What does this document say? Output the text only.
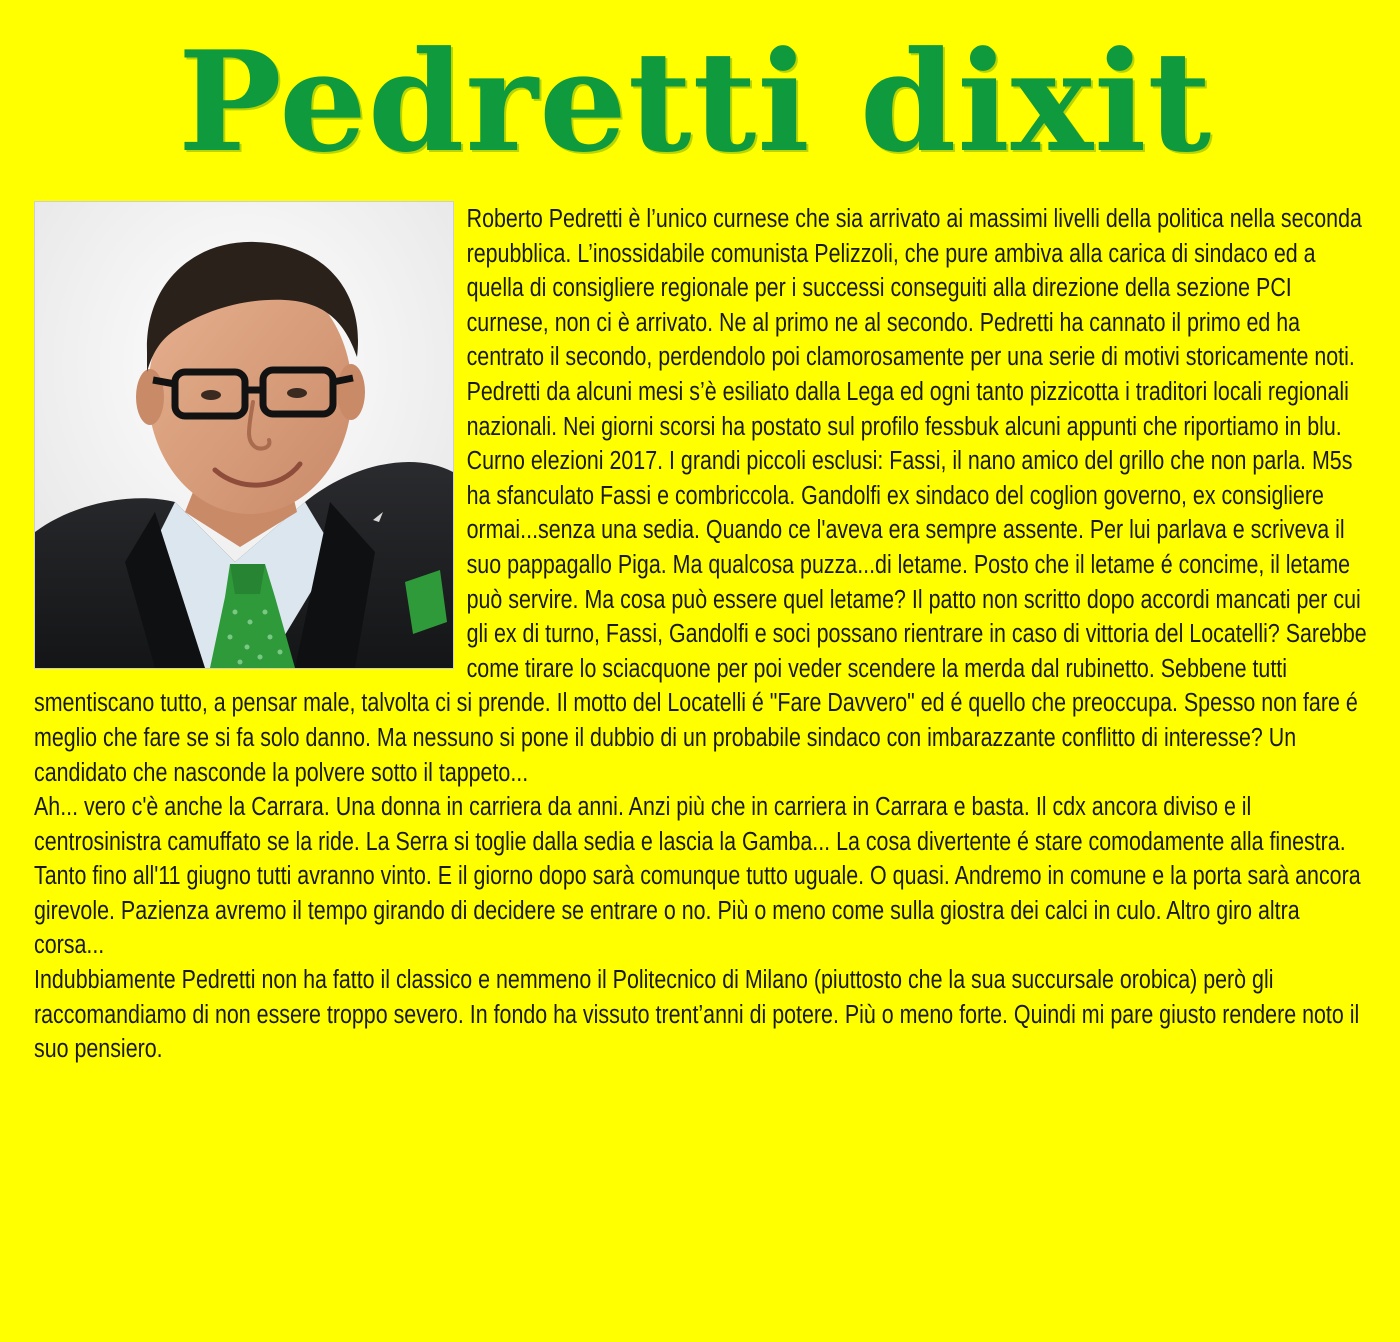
Pedretti dixit

Roberto Pedretti è l’unico curnese che sia arrivato ai massimi livelli della politica nella seconda repubblica. L’inossidabile comunista Pelizzoli, che pure ambiva alla carica di sindaco ed a quella di consigliere regionale per i successi conseguiti alla direzione della sezione PCI curnese, non ci è arrivato. Ne al primo ne al secondo. Pedretti ha cannato il primo ed ha centrato il secondo, perdendolo poi clamorosamente per una serie di motivi storicamente noti. Pedretti da alcuni mesi s’è esiliato dalla Lega ed ogni tanto pizzicotta i traditori locali regionali nazionali. Nei giorni scorsi ha postato sul profilo fessbuk alcuni appunti che riportiamo in blu.

Curno elezioni 2017. I grandi piccoli esclusi: Fassi, il nano amico del grillo che non parla. M5s ha sfanculato Fassi e combriccola. Gandolfi ex sindaco del coglion governo, ex consigliere ormai...senza una sedia. Quando ce l'aveva era sempre assente. Per lui parlava e scriveva il suo pappagallo Piga. Ma qualcosa puzza...di letame. Posto che il letame é concime, il letame può servire. Ma cosa può essere quel letame? Il patto non scritto dopo accordi mancati per cui gli ex di turno, Fassi, Gandolfi e soci possano rientrare in caso di vittoria del Locatelli? Sarebbe come tirare lo sciacquone per poi veder scendere la merda dal rubinetto. Sebbene tutti smentiscano tutto, a pensar male, talvolta ci si prende. Il motto del Locatelli é "Fare Davvero" ed é quello che preoccupa. Spesso non fare é meglio che fare se si fa solo danno. Ma nessuno si pone il dubbio di un probabile sindaco con imbarazzante conflitto di interesse? Un candidato che nasconde la polvere sotto il tappeto...

Ah... vero c'è anche la Carrara. Una donna in carriera da anni. Anzi più che in carriera in Carrara e basta. Il cdx ancora diviso e il centrosinistra camuffato se la ride. La Serra si toglie dalla sedia e lascia la Gamba... La cosa divertente é stare comodamente alla finestra. Tanto fino all'11 giugno tutti avranno vinto. E il giorno dopo sarà comunque tutto uguale. O quasi. Andremo in comune e la porta sarà ancora girevole. Pazienza avremo il tempo girando di decidere se entrare o no. Più o meno come sulla giostra dei calci in culo. Altro giro altra corsa...

Indubbiamente Pedretti non ha fatto il classico e nemmeno il Politecnico di Milano (piuttosto che la sua succursale orobica) però gli raccomandiamo di non essere troppo severo. In fondo ha vissuto trent’anni di potere. Più o meno forte. Quindi mi pare giusto rendere noto il suo pensiero.
